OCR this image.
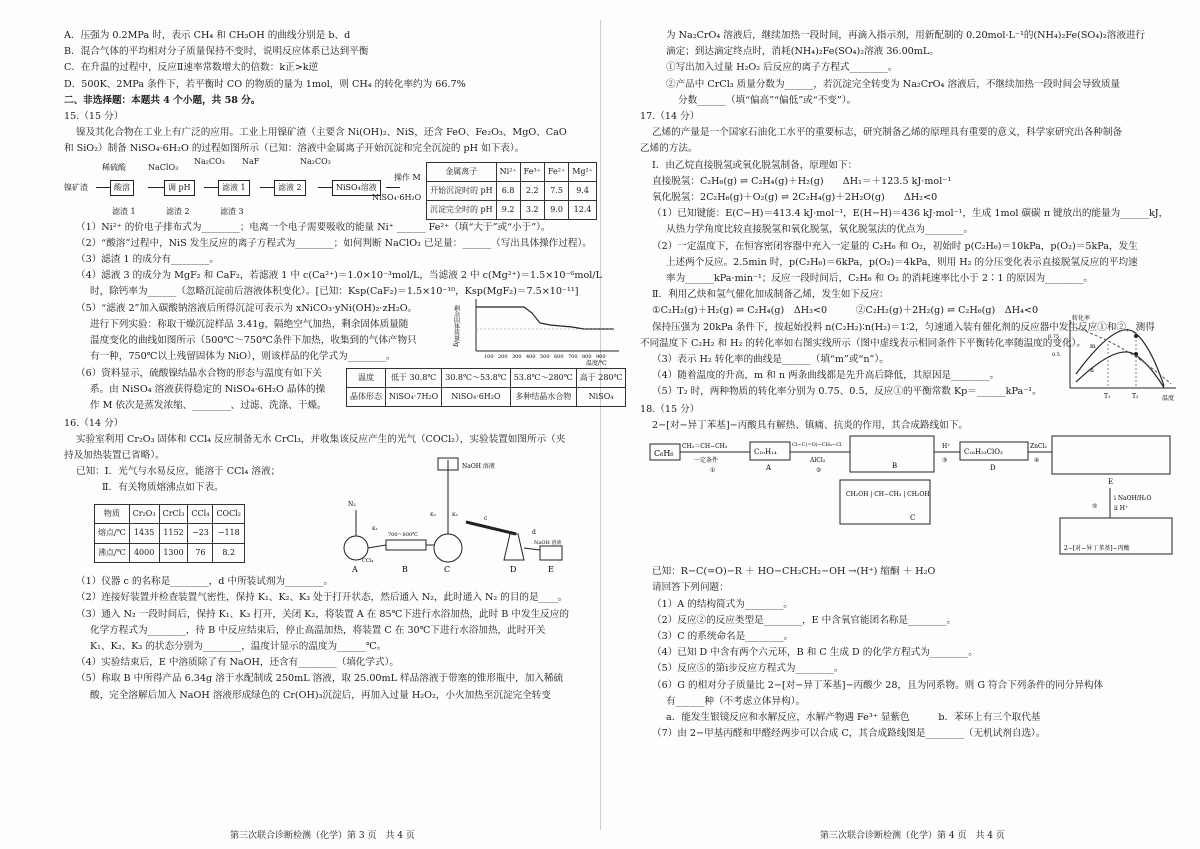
A．压强为 0.2MPa 时，表示 CH₄ 和 CH₃OH 的曲线分别是 b、d
B．混合气体的平均相对分子质量保持不变时，说明反应体系已达到平衡
C．在升温的过程中，反应Ⅱ速率常数增大的倍数：k正>k逆
D．500K、2MPa 条件下，若平衡时 CO 的物质的量为 1mol，则 CH₄ 的转化率约为 66.7%
二、非选择题：本题共 4 个小题，共 58 分。
15.（15 分）
镍及其化合物在工业上有广泛的应用。工业上用镍矿渣（主要含 Ni(OH)₂、NiS，还含 FeO、Fe₂O₃、MgO、CaO
和 SiO₂）制备 NiSO₄·6H₂O 的过程如图所示（已知：溶液中金属离子开始沉淀和完全沉淀的 pH 如下表）。
镍矿渣
稀硫酸	NaClO₃
酸溶
Na₂CO₃
调 pH
NaF
滤液 1
Na₂CO₃
滤液 2	NiSO₄溶液
操作 M
NiSO₄·6H₂O
滤渣 1	滤渣 2	滤渣 3
金属离子	Ni²⁺	Fe³⁺	Fe²⁺	Mg²⁺
开始沉淀时的 pH	6.8	2.2	7.5	9.4
沉淀完全时的 pH	9.2	3.2	9.0	12.4
（1）Ni²⁺ 的价电子排布式为________；电离一个电子需要吸收的能量 Ni⁺ ______ Fe²⁺（填“大于”或“小于”）。
（2）“酸溶”过程中，NiS 发生反应的离子方程式为________；如何判断 NaClO₃ 已足量：______（写出具体操作过程）。
（3）滤渣 1 的成分有________。
（4）滤液 3 的成分为 MgF₂ 和 CaF₂，若滤液 1 中 c(Ca²⁺)＝1.0×10⁻³mol/L，当滤液 2 中 c(Mg²⁺)＝1.5×10⁻⁶mol/L
时，除钙率为______（忽略沉淀前后溶液体积变化）。[已知：Ksp(CaF₂)＝1.5×10⁻¹⁰，Ksp(MgF₂)＝7.5×10⁻¹¹]
（5）“滤液 2”加入碳酸钠溶液后所得沉淀可表示为 xNiCO₃·yNi(OH)₂·zH₂O。
进行下列实验：称取干燥沉淀样品 3.41g，隔绝空气加热，剩余固体质量随
温度变化的曲线如图所示（500℃～750℃条件下加热，收集到的气体产物只
有一种，750℃以上残留固体为 NiO），则该样品的化学式为________。
剩余固体质量/g
温度/℃
100 200 300 400 500 600 700 800 900
（6）资料显示，硫酸镍结晶水合物的形态与温度有如下关
系。由 NiSO₄ 溶液获得稳定的 NiSO₄·6H₂O 晶体的操
作 M 依次是蒸发浓缩、________、过滤、洗涤、干燥。
温度	低于 30.8℃	30.8℃～53.8℃	53.8℃～280℃	高于 280℃
晶体形态	NiSO₄·7H₂O	NiSO₄·6H₂O	多种结晶水合物	NiSO₄
16.（14 分）
实验室利用 Cr₂O₃ 固体和 CCl₄ 反应制备无水 CrCl₃，并收集该反应产生的光气（COCl₂），实验装置如图所示（夹
持及加热装置已省略）。
已知：Ⅰ．光气与水易反应，能溶于 CCl₄ 溶液；
Ⅱ．有关物质熔沸点如下表。
物质	Cr₂O₃	CrCl₃	CCl₄	COCl₂
熔点/℃	1435	1152	−23	−118
沸点/℃	4000	1300	76	8.2
A	B	C	D	E
NaOH 溶液
NaOH 溶液
700～800℃
N₂
CCl₄
c
d
K₁
K₂	K₃
（1）仪器 c 的名称是________，d 中所装试剂为________。
（2）连接好装置并检查装置气密性，保持 K₁、K₂、K₃ 处于打开状态，然后通入 N₂，此时通入 N₂ 的目的是____。
（3）通入 N₂ 一段时间后，保持 K₁、K₃ 打开，关闭 K₂，将装置 A 在 85℃下进行水浴加热，此时 B 中发生反应的
化学方程式为________，待 B 中反应结束后，停止高温加热，将装置 C 在 30℃下进行水浴加热，此时开关
K₁、K₂、K₃ 的状态分别为________，温度计显示的温度为______℃。
（4）实验结束后，E 中溶质除了有 NaOH，还含有________（填化学式）。
（5）称取 B 中所得产品 6.34g 溶于水配制成 250mL 溶液，取 25.00mL 样品溶液于带塞的锥形瓶中，加入稀硫
酸，完全溶解后加入 NaOH 溶液形成绿色的 Cr(OH)₃沉淀后，再加入过量 H₂O₂，小火加热至沉淀完全转变
第三次联合诊断检测（化学）第 3 页　共 4 页
为 Na₂CrO₄ 溶液后，继续加热一段时间，再滴入指示剂，用新配制的 0.20mol·L⁻¹的(NH₄)₂Fe(SO₄)₂溶液进行
滴定；到达滴定终点时，消耗(NH₄)₂Fe(SO₄)₂溶液 36.00mL。
①写出加入过量 H₂O₂ 后反应的离子方程式________。
②产品中 CrCl₃ 质量分数为______，若沉淀完全转变为 Na₂CrO₄ 溶液后，不继续加热一段时间会导致质量
分数______（填“偏高”“偏低”或“不变”）。
17.（14 分）
乙烯的产量是一个国家石油化工水平的重要标志，研究制备乙烯的原理具有重要的意义，科学家研究出各种制备
乙烯的方法。
Ⅰ．由乙烷直接脱氢或氧化脱氢制备，原理如下：
直接脱氢：C₂H₆(g) ⇌ C₂H₄(g)＋H₂(g)　　ΔH₁＝＋123.5 kJ·mol⁻¹
氧化脱氢：2C₂H₆(g)＋O₂(g) ⇌ 2C₂H₄(g)＋2H₂O(g)　　ΔH₂<0
（1）已知键能：E(C−H)＝413.4 kJ·mol⁻¹，E(H−H)＝436 kJ·mol⁻¹，生成 1mol 碳碳 π 键放出的能量为______kJ，
从热力学角度比较直接脱氢和氧化脱氢，氧化脱氢法的优点为________。
（2）一定温度下，在恒容密闭容器中充入一定量的 C₂H₆ 和 O₂，初始时 p(C₂H₆)＝10kPa，p(O₂)＝5kPa，发生
上述两个反应。2.5min 时，p(C₂H₆)＝6kPa，p(O₂)＝4kPa，则用 H₂ 的分压变化表示直接脱氢反应的平均速
率为______kPa·min⁻¹；反应一段时间后，C₂H₆ 和 O₂ 的消耗速率比小于 2∶1 的原因为________。
Ⅱ．利用乙炔和氢气催化加成制备乙烯，发生如下反应：
①C₂H₂(g)＋H₂(g) ⇌ C₂H₄(g)　ΔH₃<0　　　②C₂H₂(g)＋2H₂(g) ⇌ C₂H₆(g)　ΔH₄<0
保持压强为 20kPa 条件下，按起始投料 n(C₂H₂)∶n(H₂)＝1∶2，匀速通入装有催化剂的反应器中发生反应①和②，测得
不同温度下 C₂H₂ 和 H₂ 的转化率如右图实线所示（图中虚线表示相同条件下平衡转化率随温度的变化）。
（3）表示 H₂ 转化率的曲线是______（填“m”或“n”）。
（4）随着温度的升高，m 和 n 两条曲线都是先升高后降低，其原因是________。
（5）T₂ 时，两种物质的转化率分别为 0.75、0.5，反应①的平衡常数 Kp＝______kPa⁻¹。
转化率
温度
T₁	T₂
m
n
0.75
0.5
18.（15 分）
2−[对−异丁苯基]−丙酸具有解热、镇痛、抗炎的作用，其合成路线如下。
C₆H₆
CH₂＝CH−CH₃
一定条件
①
C₁₀H₁₄
A
Cl−C(=O)−CH₂−Cl
AlCl₃
②
B
H⁺
③
C₁₆H₂₃ClO₃
D
ZnCl₂
④
E
CH₂OH | CH−CH₃ | CH₂OH
C
i NaOH/H₂O
ii H⁺
⑤
2−[对−异丁苯基]−丙酸
已知：R−C(=O)−R ＋ HO−CH₂CH₂−OH →(H⁺) 缩酮 ＋ H₂O
请回答下列问题：
（1）A 的结构简式为________。
（2）反应②的反应类型是________，E 中含氧官能团名称是________。
（3）C 的系统命名是________。
（4）已知 D 中含有两个六元环，B 和 C 生成 D 的化学方程式为________。
（5）反应⑤的第ⅰ步反应方程式为________。
（6）G 的相对分子质量比 2−[对−异丁苯基]−丙酸少 28，且为同系物。则 G 符合下列条件的同分异构体
有______种（不考虑立体异构）。
a．能发生银镜反应和水解反应，水解产物遇 Fe³⁺ 显紫色　　　b．苯环上有三个取代基
（7）由 2−甲基丙醛和甲醛经两步可以合成 C，其合成路线图是________（无机试剂自选）。
第三次联合诊断检测（化学）第 4 页　共 4 页
